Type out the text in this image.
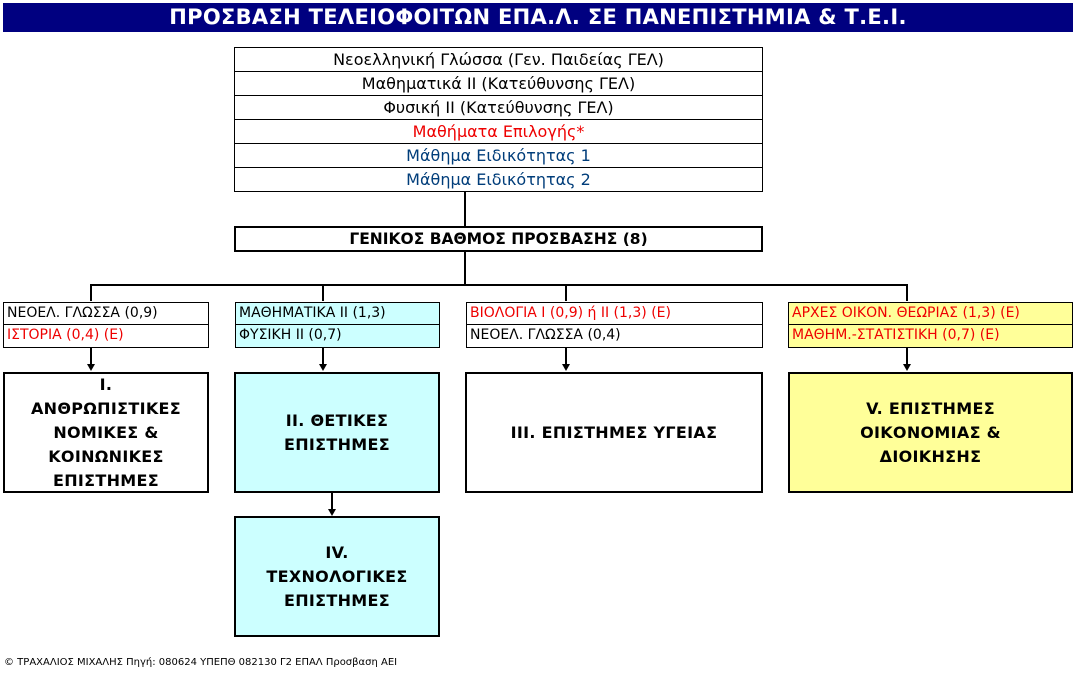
ΠΡΟΣΒΑΣΗ ΤΕΛΕΙΟΦΟΙΤΩΝ ΕΠΑ.Λ. ΣΕ ΠΑΝΕΠΙΣΤΗΜΙΑ & Τ.Ε.Ι.
Νεοελληνική Γλώσσα (Γεν. Παιδείας ΓΕΛ)
Μαθηματικά ΙΙ (Κατεύθυνσης ΓΕΛ)
Φυσική ΙΙ (Κατεύθυνσης ΓΕΛ)
Μαθήματα Επιλογής*
Μάθημα Ειδικότητας 1
Μάθημα Ειδικότητας 2
ΓΕΝΙΚΟΣ ΒΑΘΜΟΣ ΠΡΟΣΒΑΣΗΣ (8)
ΝΕΟΕΛ. ΓΛΩΣΣΑ (0,9)
ΙΣΤΟΡΙΑ (0,4) (Ε)
ΜΑΘΗΜΑΤΙΚΑ ΙΙ (1,3)
ΦΥΣΙΚΗ ΙΙ (0,7)
ΒΙΟΛΟΓΙΑ Ι (0,9) ή ΙΙ (1,3) (Ε)
ΝΕΟΕΛ. ΓΛΩΣΣΑ (0,4)
ΑΡΧΕΣ ΟΙΚΟΝ. ΘΕΩΡΙΑΣ (1,3) (Ε)
ΜΑΘΗΜ.-ΣΤΑΤΙΣΤΙΚΗ (0,7) (Ε)
Ι.
ΑΝΘΡΩΠΙΣΤΙΚΕΣ
ΝΟΜΙΚΕΣ &
ΚΟΙΝΩΝΙΚΕΣ
ΕΠΙΣΤΗΜΕΣ
ΙΙ. ΘΕΤΙΚΕΣ
ΕΠΙΣΤΗΜΕΣ
ΙΙΙ. ΕΠΙΣΤΗΜΕΣ ΥΓΕΙΑΣ
V. ΕΠΙΣΤΗΜΕΣ
ΟΙΚΟΝΟΜΙΑΣ &
ΔΙΟΙΚΗΣΗΣ
IV.
ΤΕΧΝΟΛΟΓΙΚΕΣ
ΕΠΙΣΤΗΜΕΣ
© ΤΡΑΧΑΛΙΟΣ ΜΙΧΑΛΗΣ Πηγή: 080624 ΥΠΕΠΘ 082130 Γ2 ΕΠΑΛ Προσβαση ΑΕΙ
